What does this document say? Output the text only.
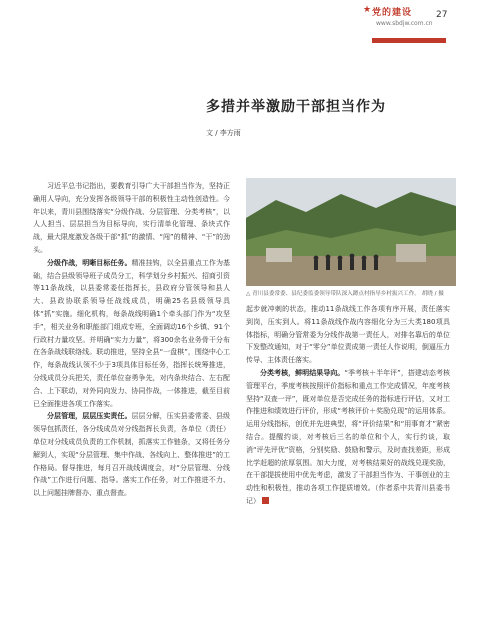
★ 党的建设
www.sbdjw.com.cn
27
多措并举激励干部担当作为
文 / 李方雨

习近平总书记指出，要教育引导广大干部担当作为，坚持正确用人导向，充分发挥各级领导干部的积极性主动性创造性。今年以来，青川县围绕落实“分级作战、分层管理、分类考核”，以人人担当、层层担当为目标导向，实行清单化管理、条块式作战，最大限度激发各级干部“抓”的激情、“闯”的精神、“干”的劲头。

分级作战，明晰目标任务。精准挂钩，以全县重点工作为基础，结合县级领导班子成员分工，科学划分乡村振兴、招商引资等11条战线，以县委常委任指挥长，县政府分管领导和县人大、县政协联系领导任战线成员，明确25名县级领导具体“抓”实施。细化机构，每条战线明确1个牵头部门作为“攻坚手”，相关业务和职能部门组成专班，全面调动16个乡镇、91个行政村力量攻坚。并明确“实力力量”，将300余名业务骨干分布在各条战线联络线。联动推进，坚持全县“一盘棋”，围绕中心工作，每条战线认领不少于3项具体目标任务，指挥长统筹推进，分线成员分兵把关，责任单位奋勇争先，对内条块结合、左右配合、上下联动，对外同向发力、协同作战，一体推进，截至目前已全面推进各项工作落实。

分层管理，层层压实责任。层层分解，压实县委常委、县级领导包抓责任，各分线成员对分线指挥长负责，各单位（责任）单位对分线成员负责的工作机制，抓落实工作链条，又将任务分解到人，实现“分层管理、集中作战、各线向上、整体推进”的工作格局。督导推进，每月召开战线调度会，对“分层管理、分线作战”工作进行问题、指导。落实工作任务，对工作推进不力、以上问题挂牌督办、重点督查。

△ 青川县委常委、县纪委监委领导带队深入蹲点村指导乡村振兴工作。 胡晓 / 摄

起步就冲刺的状态，推动11条战线工作各项有序开展，责任落实到岗，压实到人。将11条战线作战内容细化分为三大类180项具体指标，明确分管常委为分线作战第一责任人，对排名靠后的单位下发整改通知，对于“零分”单位责成第一责任人作说明，倒逼压力传导、主体责任落实。

分类考核，鲜明结果导向。“季考核＋半年评”，搭建动态考核管理平台，季度考核按照评价指标和重点工作完成情况，年度考核坚持“双查一评”，既对单位是否完成任务的指标进行评估，又对工作推进和绩效进行评价，形成“考核评价＋奖励兑现”的运用体系。运用分线指标，创优并先进典型，将“评价结果”和“用事育才”紧密结合。提醒约谈，对考核后三名的单位和个人，实行约谈，取消“评先评优”资格，分别奖励、鼓励和警示，及时查找差距，形成比学赶超的浓厚氛围。加大力度，对考核结果好的战线兑现奖励，在干部提拔使用中优先考虑，激发了干部担当作为、干事创业的主动性和积极性，推动各项工作提质增效。（作者系中共青川县委书记）	■
